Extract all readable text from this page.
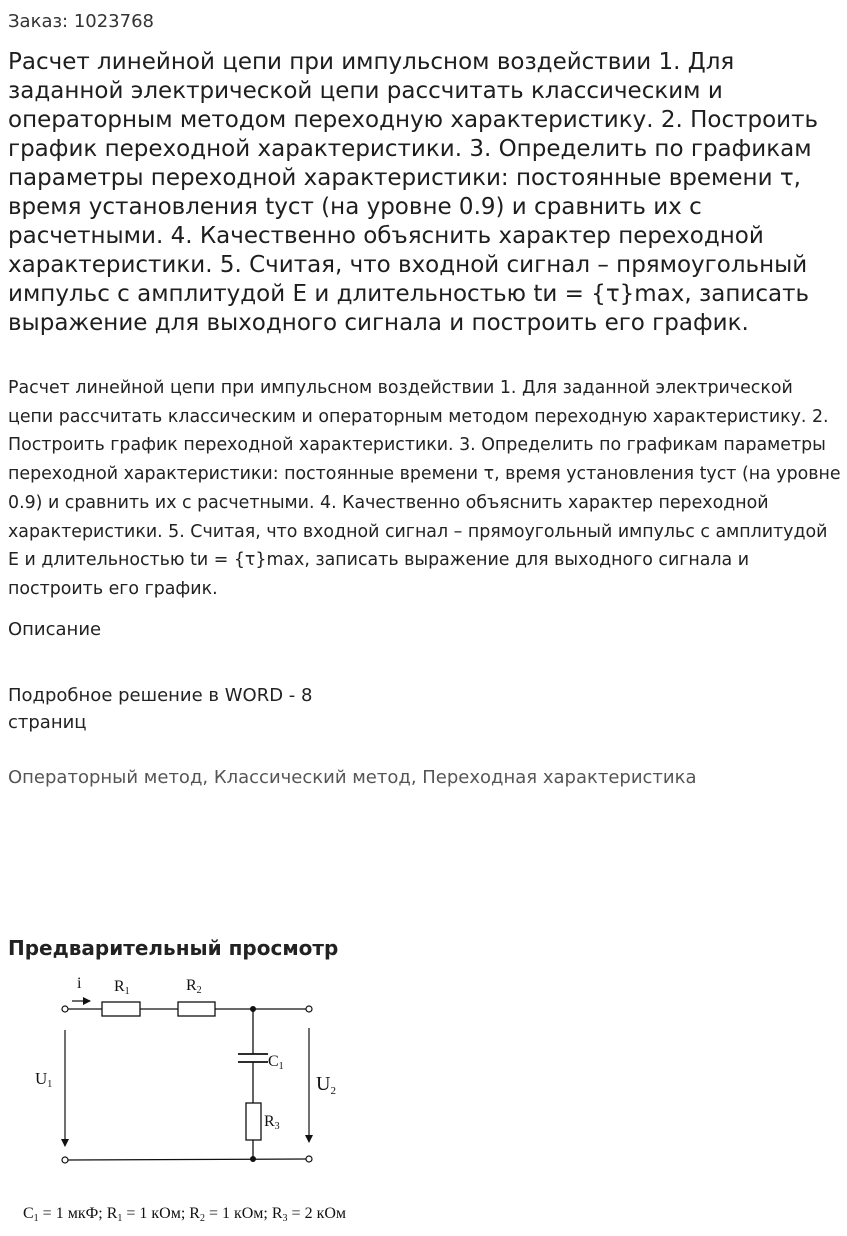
Заказ: 1023768
Расчет линейной цепи при импульсном воздействии 1. Для заданной электрической цепи рассчитать классическим и операторным методом переходную характеристику. 2. Построить график переходной характеристики. 3. Определить по графикам параметры переходной характеристики: постоянные времени τ, время установления tуст (на уровне 0.9) и сравнить их с расчетными. 4. Качественно объяснить характер переходной характеристики. 5. Считая, что входной сигнал – прямоугольный импульс с амплитудой E и длительностью tи = {τ}max, записать выражение для выходного сигнала и построить его график.

Расчет линейной цепи при импульсном воздействии 1. Для заданной электрической цепи рассчитать классическим и операторным методом переходную характеристику. 2. Построить график переходной характеристики. 3. Определить по графикам параметры переходной характеристики: постоянные времени τ, время установления tуст (на уровне 0.9) и сравнить их с расчетными. 4. Качественно объяснить характер переходной характеристики. 5. Считая, что входной сигнал – прямоугольный импульс с амплитудой E и длительностью tи = {τ}max, записать выражение для выходного сигнала и построить его график.

Описание
Подробное решение в WORD - 8 страниц
Операторный метод, Классический метод, Переходная характеристика
Предварительный просмотр
i R1	R2
C1
R3
U1	$U_2$
C1 = 1 мкФ; R1 = 1 кОм; R2 = 1 кОм; R3 = 2 кОм
